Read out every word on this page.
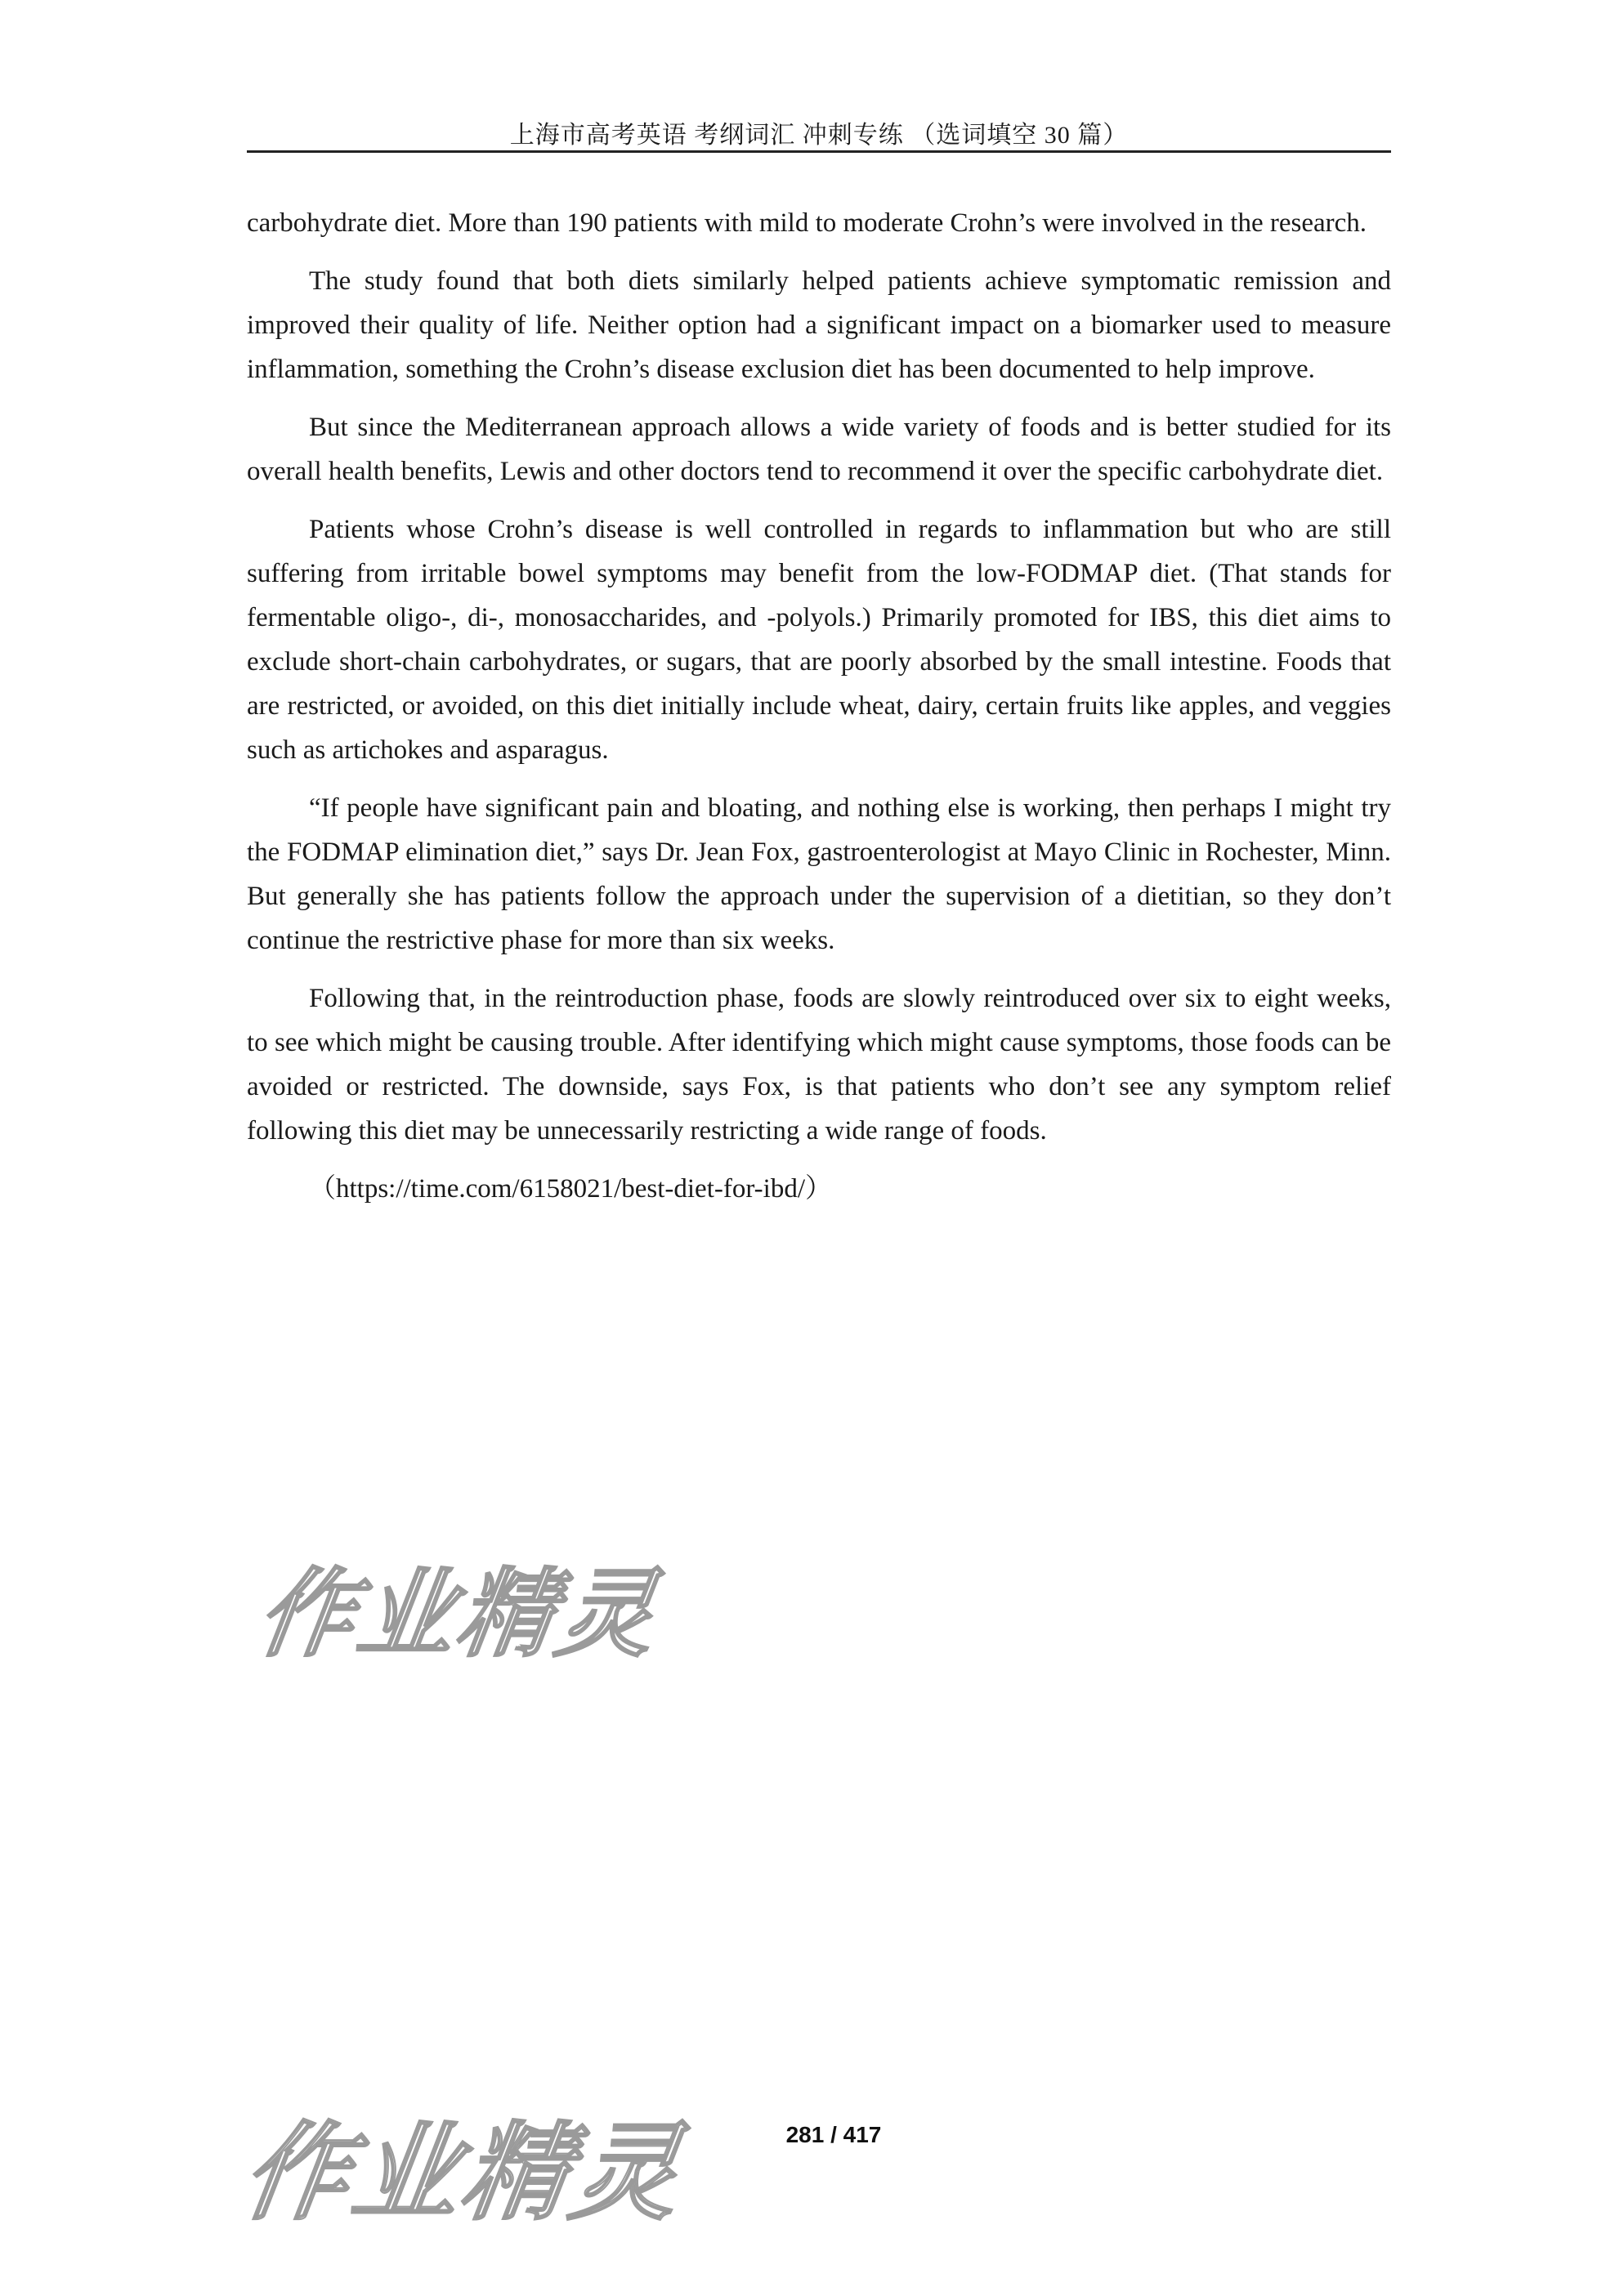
上海市高考英语 考纲词汇 冲刺专练 （选词填空 30 篇）

carbohydrate diet. More than 190 patients with mild to moderate Crohn’s were involved in the research.

The study found that both diets similarly helped patients achieve symptomatic remission and improved their quality of life. Neither option had a significant impact on a biomarker used to measure inflammation, something the Crohn’s disease exclusion diet has been documented to help improve.

But since the Mediterranean approach allows a wide variety of foods and is better studied for its overall health benefits, Lewis and other doctors tend to recommend it over the specific carbohydrate diet.

Patients whose Crohn’s disease is well controlled in regards to inflammation but who are still suffering from irritable bowel symptoms may benefit from the low-FODMAP diet. (That stands for fermentable oligo-, di-, monosaccharides, and -polyols.) Primarily promoted for IBS, this diet aims to exclude short-chain carbohydrates, or sugars, that are poorly absorbed by the small intestine. Foods that are restricted, or avoided, on this diet initially include wheat, dairy, certain fruits like apples, and veggies such as artichokes and asparagus.

“If people have significant pain and bloating, and nothing else is working, then perhaps I might try the FODMAP elimination diet,” says Dr. Jean Fox, gastroenterologist at Mayo Clinic in Rochester, Minn. But generally she has patients follow the approach under the supervision of a dietitian, so they don’t continue the restrictive phase for more than six weeks.

Following that, in the reintroduction phase, foods are slowly reintroduced over six to eight weeks, to see which might be causing trouble. After identifying which might cause symptoms, those foods can be avoided or restricted. The downside, says Fox, is that patients who don’t see any symptom relief following this diet may be unnecessarily restricting a wide range of foods.

（https://time.com/6158021/best-diet-for-ibd/）

作业精灵
作业精灵	281 / 417
